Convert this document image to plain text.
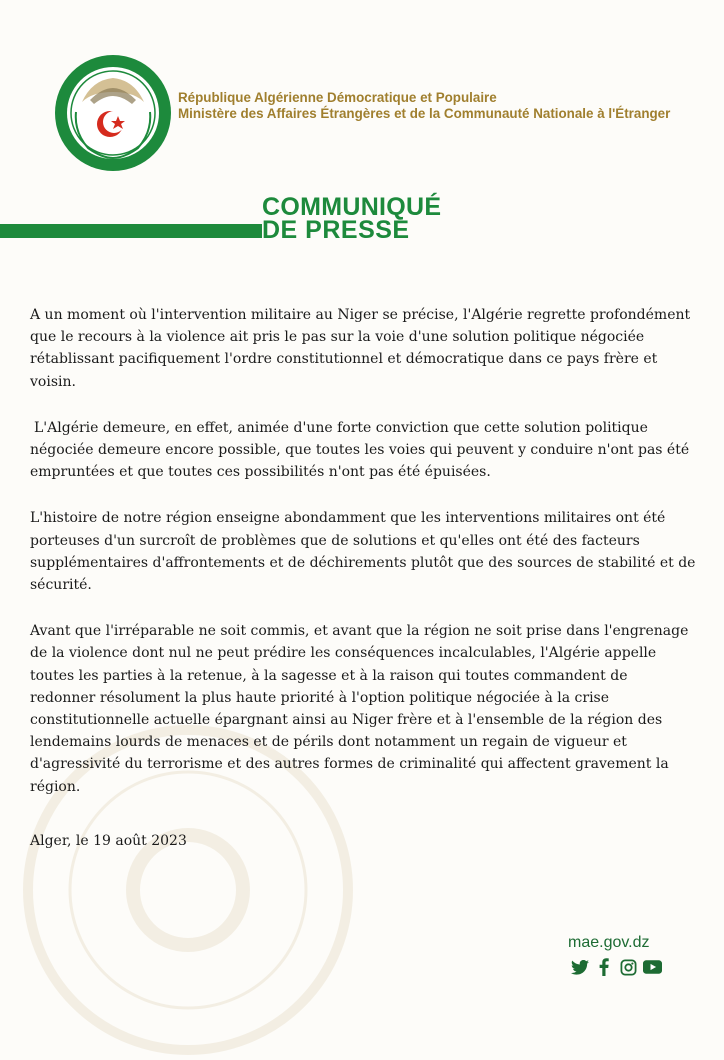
République Algérienne Démocratique et Populaire
Ministère des Affaires Étrangères et de la Communauté Nationale à l'Étranger
COMMUNIQUÉ
DE PRESSE

A un moment où l'intervention militaire au Niger se précise, l'Algérie regrette profondément que le recours à la violence ait pris le pas sur la voie d'une solution politique négociée rétablissant pacifiquement l'ordre constitutionnel et démocratique dans ce pays frère et voisin.

L'Algérie demeure, en effet, animée d'une forte conviction que cette solution politique négociée demeure encore possible, que toutes les voies qui peuvent y conduire n'ont pas été empruntées et que toutes ces possibilités n'ont pas été épuisées.

L'histoire de notre région enseigne abondamment que les interventions militaires ont été porteuses d'un surcroît de problèmes que de solutions et qu'elles ont été des facteurs supplémentaires d'affrontements et de déchirements plutôt que des sources de stabilité et de sécurité.

Avant que l'irréparable ne soit commis, et avant que la région ne soit prise dans l'engrenage de la violence dont nul ne peut prédire les conséquences incalculables, l'Algérie appelle toutes les parties à la retenue, à la sagesse et à la raison qui toutes commandent de redonner résolument la plus haute priorité à l'option politique négociée à la crise constitutionnelle actuelle épargnant ainsi au Niger frère et à l'ensemble de la région des lendemains lourds de menaces et de périls dont notamment un regain de vigueur et d'agressivité du terrorisme et des autres formes de criminalité qui affectent gravement la région.

Alger, le 19 août 2023
mae.gov.dz
